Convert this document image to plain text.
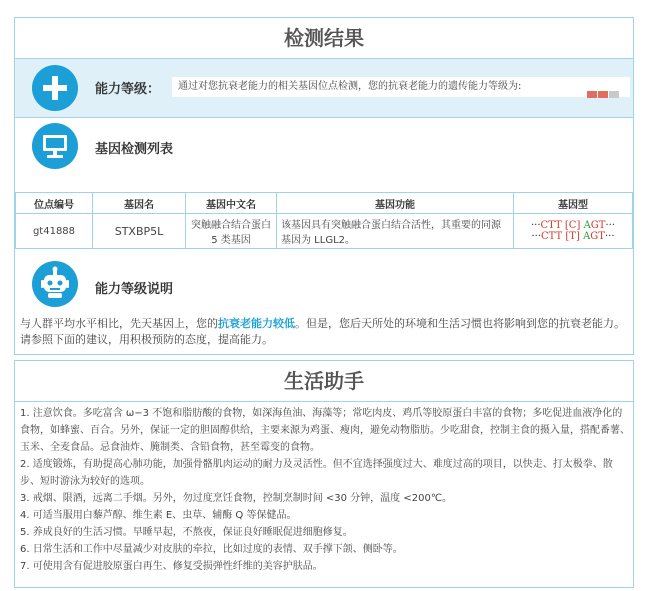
检测结果
能力等级：	通过对您抗衰老能力的相关基因位点检测，您的抗衰老能力的遗传能力等级为:
基因检测列表
位点编号	基因名	基因中文名	基因功能	基因型
gt41888	STXBP5L	突触融合结合蛋白 5 类基因	该基因具有突触融合蛋白结合活性，其重要的同源基因为 LLGL2。	···CTT [C] AGT···
···CTT [T] AGT···
能力等级说明
与人群平均水平相比，先天基因上，您的抗衰老能力较低。但是，您后天所处的环境和生活习惯也将影响到您的抗衰老能力。请参照下面的建议，用积极预防的态度，提高能力。
生活助手
1. 注意饮食。多吃富含 ω−3 不饱和脂肪酸的食物，如深海鱼油、海藻等；常吃肉皮、鸡爪等胶原蛋白丰富的食物；多吃促进血液净化的食物，如蜂蜜、百合。另外，保证一定的胆固醇供给，主要来源为鸡蛋、瘦肉，避免动物脂肪。少吃甜食，控制主食的摄入量，搭配番薯、玉米、全麦食品。忌食油炸、腌制类、含铅食物，甚至霉变的食物。
2. 适度锻炼，有助提高心肺功能，加强骨骼肌肉运动的耐力及灵活性。但不宜选择强度过大、难度过高的项目，以快走、打太极拳、散步、短时游泳为较好的选项。
3. 戒烟、限酒，远离二手烟。另外，勿过度烹饪食物，控制烹制时间 <30 分钟，温度 <200℃。
4. 可适当服用白藜芦醇、维生素 E、虫草、辅酶 Q 等保健品。
5. 养成良好的生活习惯。早睡早起，不熬夜，保证良好睡眠促进细胞修复。
6. 日常生活和工作中尽量减少对皮肤的牵拉，比如过度的表情、双手撑下颌、侧卧等。
7. 可使用含有促进胶原蛋白再生、修复受损弹性纤维的美容护肤品。
